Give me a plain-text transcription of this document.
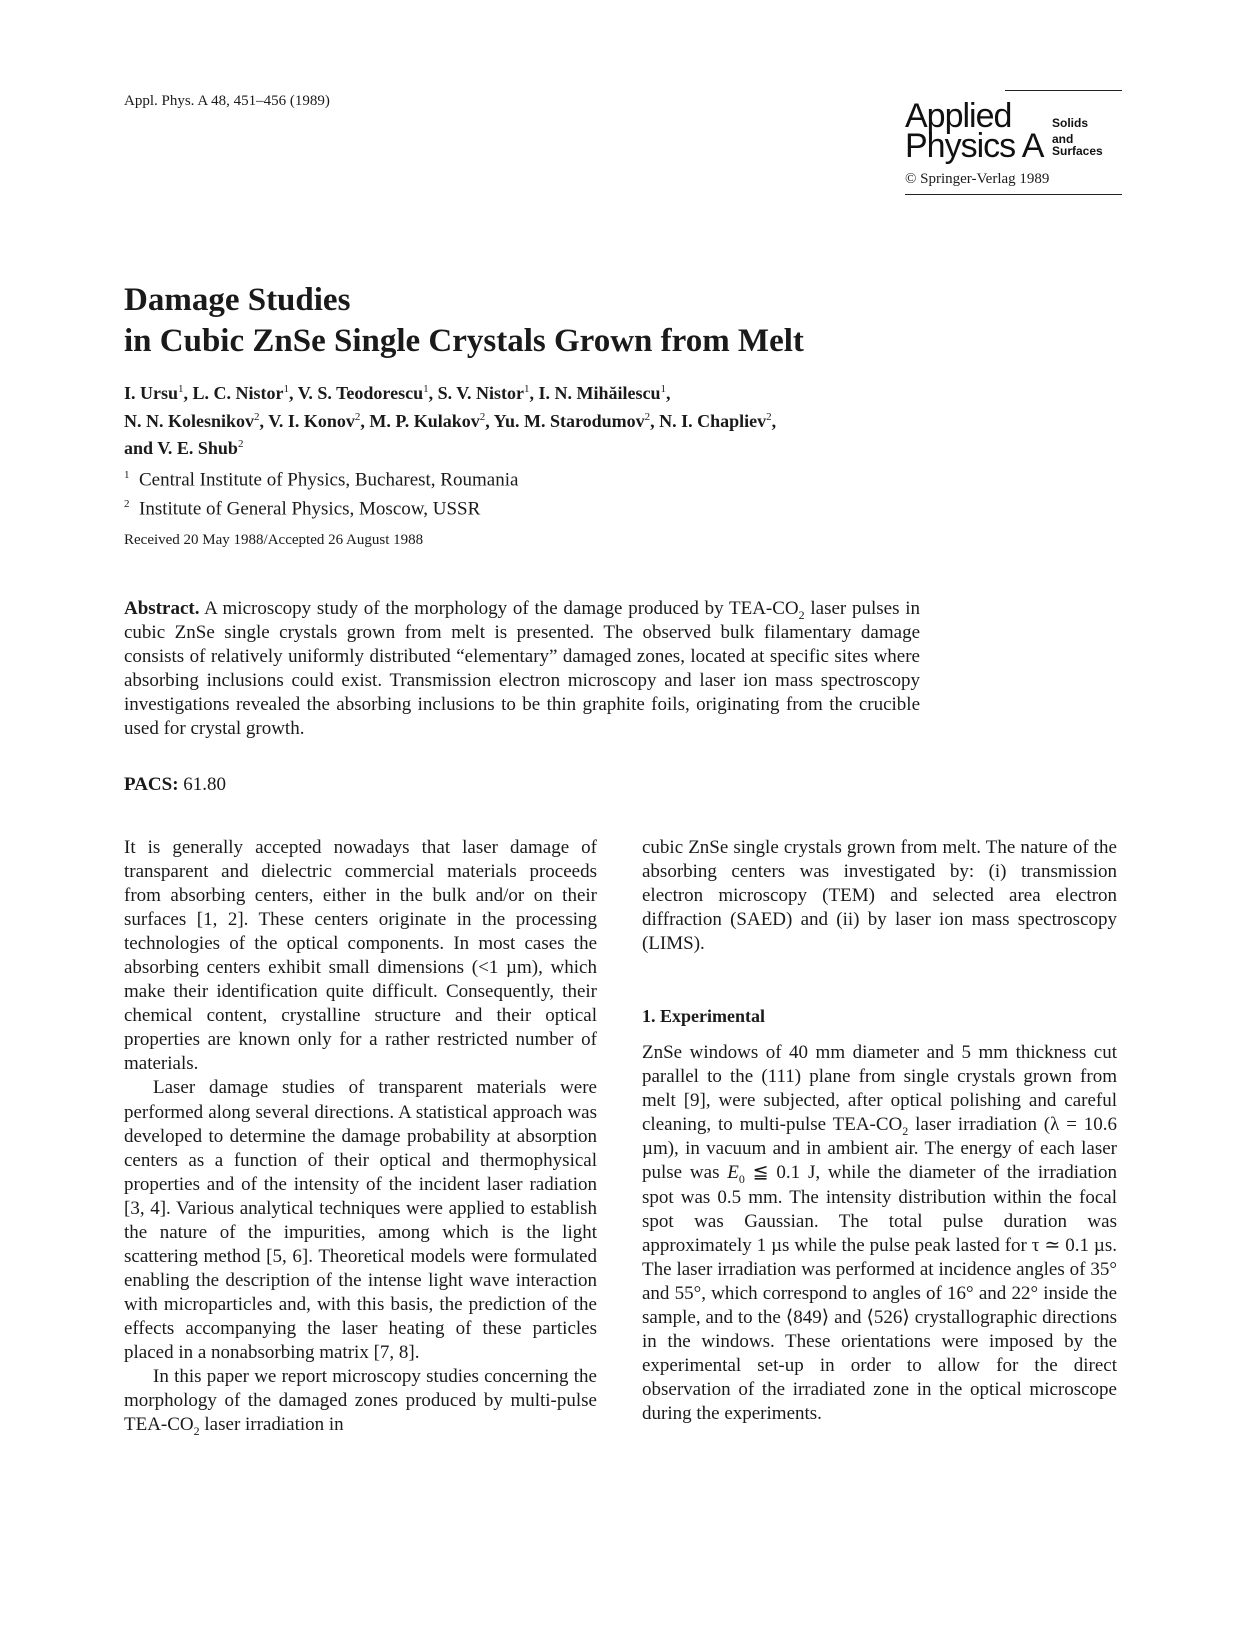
Appl. Phys. A 48, 451–456 (1989)	Applied
Physics A
Solids
and
Surfaces
© Springer-Verlag 1989
Damage Studies
in Cubic ZnSe Single Crystals Grown from Melt
I. Ursu$^1$, L. C. Nistor$^1$, V. S. Teodorescu$^1$, S. V. Nistor$^1$, I. N. Mihăilescu$^1$,
N. N. Kolesnikov$^2$, V. I. Konov$^2$, M. P. Kulakov$^2$, Yu. M. Starodumov$^2$, N. I. Chapliev$^2$,
and V. E. Shub$^2$
$^1$ Central Institute of Physics, Bucharest, Roumania
$^2$ Institute of General Physics, Moscow, USSR
Received 20 May 1988/Accepted 26 August 1988

Abstract. A microscopy study of the morphology of the damage produced by TEA-$CO_2$ laser pulses in cubic ZnSe single crystals grown from melt is presented. The observed bulk filamentary damage consists of relatively uniformly distributed “elementary” damaged zones, located at specific sites where absorbing inclusions could exist. Transmission electron microscopy and laser ion mass spectroscopy investigations revealed the absorbing inclusions to be thin graphite foils, originating from the crucible used for crystal growth.

PACS: 61.80

It is generally accepted nowadays that laser damage of transparent and dielectric commercial materials proceeds from absorbing centers, either in the bulk and/or on their surfaces [1, 2]. These centers originate in the processing technologies of the optical components. In most cases the absorbing centers exhibit small dimensions (<1 µm), which make their identification quite difficult. Consequently, their chemical content, crystalline structure and their optical properties are known only for a rather restricted number of materials.

Laser damage studies of transparent materials were performed along several directions. A statistical approach was developed to determine the damage probability at absorption centers as a function of their optical and thermophysical properties and of the intensity of the incident laser radiation [3, 4]. Various analytical techniques were applied to establish the nature of the impurities, among which is the light scattering method [5, 6]. Theoretical models were formulated enabling the description of the intense light wave interaction with microparticles and, with this basis, the prediction of the effects accompanying the laser heating of these particles placed in a nonabsorbing matrix [7, 8].

In this paper we report microscopy studies concerning the morphology of the damaged zones produced by multi-pulse TEA-$CO_2$ laser irradiation in

cubic ZnSe single crystals grown from melt. The nature of the absorbing centers was investigated by: (i) transmission electron microscopy (TEM) and selected area electron diffraction (SAED) and (ii) by laser ion mass spectroscopy (LIMS).

1. Experimental

ZnSe windows of 40 mm diameter and 5 mm thickness cut parallel to the (111) plane from single crystals grown from melt [9], were subjected, after optical polishing and careful cleaning, to multi-pulse TEA-$CO_2$ laser irradiation (λ = 10.6 µm), in vacuum and in ambient air. The energy of each laser pulse was $E_0$ ≦ 0.1 J, while the diameter of the irradiation spot was 0.5 mm. The intensity distribution within the focal spot was Gaussian. The total pulse duration was approximately 1 µs while the pulse peak lasted for τ ≃ 0.1 µs. The laser irradiation was performed at incidence angles of 35° and 55°, which correspond to angles of 16° and 22° inside the sample, and to the ⟨849⟩ and ⟨526⟩ crystallographic directions in the windows. These orientations were imposed by the experimental set-up in order to allow for the direct observation of the irradiated zone in the optical microscope during the experiments.
